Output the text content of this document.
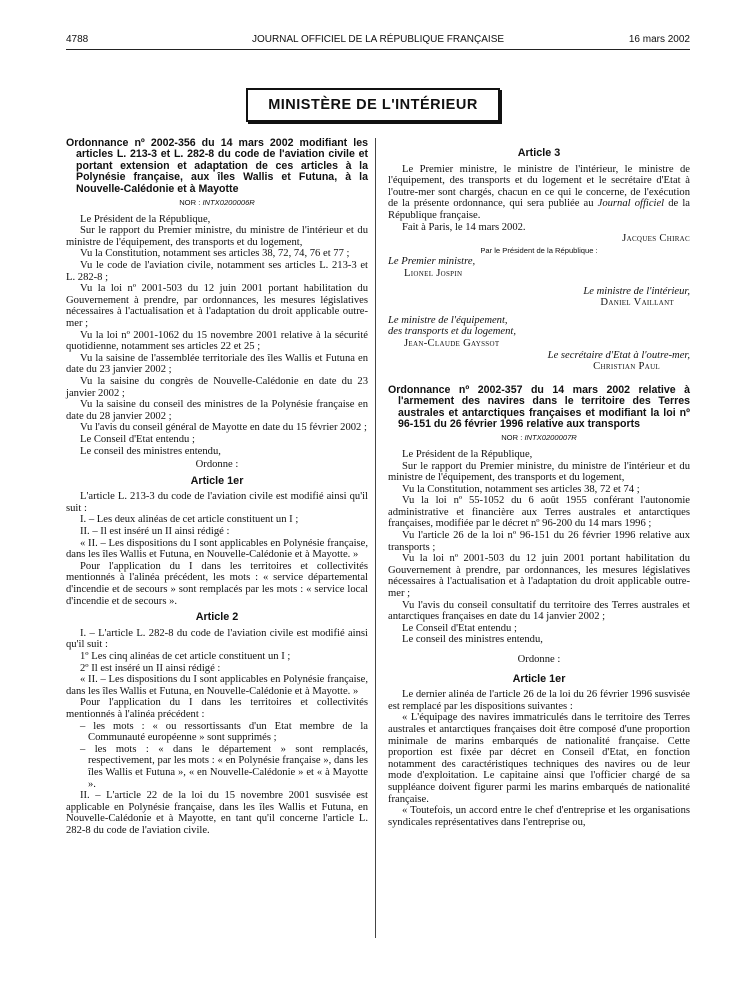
4788	JOURNAL OFFICIEL DE LA RÉPUBLIQUE FRANÇAISE	16 mars 2002
MINISTÈRE DE L'INTÉRIEUR
Ordonnance nº 2002-356 du 14 mars 2002 modifiant les articles L. 213-3 et L. 282-8 du code de l'aviation civile et portant extension et adaptation de ces articles à la Polynésie française, aux îles Wallis et Futuna, à la Nouvelle-Calédonie et à Mayotte
NOR : INTX0200006R

Le Président de la République,

Sur le rapport du Premier ministre, du ministre de l'intérieur et du ministre de l'équipement, des transports et du logement,

Vu la Constitution, notamment ses articles 38, 72, 74, 76 et 77 ;

Vu le code de l'aviation civile, notamment ses articles L. 213-3 et L. 282-8 ;

Vu la loi nº 2001-503 du 12 juin 2001 portant habilitation du Gouvernement à prendre, par ordonnances, les mesures législatives nécessaires à l'actualisation et à l'adaptation du droit applicable outre-mer ;

Vu la loi nº 2001-1062 du 15 novembre 2001 relative à la sécurité quotidienne, notamment ses articles 22 et 25 ;

Vu la saisine de l'assemblée territoriale des îles Wallis et Futuna en date du 23 janvier 2002 ;

Vu la saisine du congrès de Nouvelle-Calédonie en date du 23 janvier 2002 ;

Vu la saisine du conseil des ministres de la Polynésie française en date du 28 janvier 2002 ;

Vu l'avis du conseil général de Mayotte en date du 15 février 2002 ;

Le Conseil d'Etat entendu ;

Le conseil des ministres entendu,

Ordonne :

Article 1er

L'article L. 213-3 du code de l'aviation civile est modifié ainsi qu'il suit :

I. – Les deux alinéas de cet article constituent un I ;

II. – Il est inséré un II ainsi rédigé :

« II. – Les dispositions du I sont applicables en Polynésie française, dans les îles Wallis et Futuna, en Nouvelle-Calédonie et à Mayotte. »

Pour l'application du I dans les territoires et collectivités mentionnés à l'alinéa précédent, les mots : « service départemental d'incendie et de secours » sont remplacés par les mots : « service local d'incendie et de secours ».

Article 2

I. – L'article L. 282-8 du code de l'aviation civile est modifié ainsi qu'il suit :

1º Les cinq alinéas de cet article constituent un I ;

2º Il est inséré un II ainsi rédigé :

« II. – Les dispositions du I sont applicables en Polynésie française, dans les îles Wallis et Futuna, en Nouvelle-Calédonie et à Mayotte. »

Pour l'application du I dans les territoires et collectivités mentionnés à l'alinéa précédent :

– les mots : « ou ressortissants d'un Etat membre de la Communauté européenne » sont supprimés ;

– les mots : « dans le département » sont remplacés, respectivement, par les mots : « en Polynésie française », dans les îles Wallis et Futuna », « en Nouvelle-Calédonie » et « à Mayotte ».

II. – L'article 22 de la loi du 15 novembre 2001 susvisée est applicable en Polynésie française, dans les îles Wallis et Futuna, en Nouvelle-Calédonie et à Mayotte, en tant qu'il concerne l'article L. 282-8 du code de l'aviation civile.

Article 3

Le Premier ministre, le ministre de l'intérieur, le ministre de l'équipement, des transports et du logement et le secrétaire d'Etat à l'outre-mer sont chargés, chacun en ce qui le concerne, de l'exécution de la présente ordonnance, qui sera publiée au Journal officiel de la République française.

Fait à Paris, le 14 mars 2002.

Jacques Chirac

Par le Président de la République :

Le Premier ministre,

Lionel Jospin

Le ministre de l'intérieur,

Daniel Vaillant

Le ministre de l'équipement,

des transports et du logement,

Jean-Claude Gayssot

Le secrétaire d'Etat à l'outre-mer,

Christian Paul

Ordonnance nº 2002-357 du 14 mars 2002 relative à l'armement des navires dans le territoire des Terres australes et antarctiques françaises et modifiant la loi nº 96-151 du 26 février 1996 relative aux transports
NOR : INTX0200007R

Le Président de la République,

Sur le rapport du Premier ministre, du ministre de l'intérieur et du ministre de l'équipement, des transports et du logement,

Vu la Constitution, notamment ses articles 38, 72 et 74 ;

Vu la loi nº 55-1052 du 6 août 1955 conférant l'autonomie administrative et financière aux Terres australes et antarctiques françaises, modifiée par le décret nº 96-200 du 14 mars 1996 ;

Vu l'article 26 de la loi nº 96-151 du 26 février 1996 relative aux transports ;

Vu la loi nº 2001-503 du 12 juin 2001 portant habilitation du Gouvernement à prendre, par ordonnances, les mesures législatives nécessaires à l'actualisation et à l'adaptation du droit applicable outre-mer ;

Vu l'avis du conseil consultatif du territoire des Terres australes et antarctiques françaises en date du 14 janvier 2002 ;

Le Conseil d'Etat entendu ;

Le conseil des ministres entendu,

Ordonne :

Article 1er

Le dernier alinéa de l'article 26 de la loi du 26 février 1996 susvisée est remplacé par les dispositions suivantes :

« L'équipage des navires immatriculés dans le territoire des Terres australes et antarctiques françaises doit être composé d'une proportion minimale de marins embarqués de nationalité française. Cette proportion est fixée par décret en Conseil d'Etat, en fonction notamment des caractéristiques techniques des navires ou de leur mode d'exploitation. Le capitaine ainsi que l'officier chargé de sa suppléance doivent figurer parmi les marins embarqués de nationalité française.

« Toutefois, un accord entre le chef d'entreprise et les organisations syndicales représentatives dans l'entreprise ou,
